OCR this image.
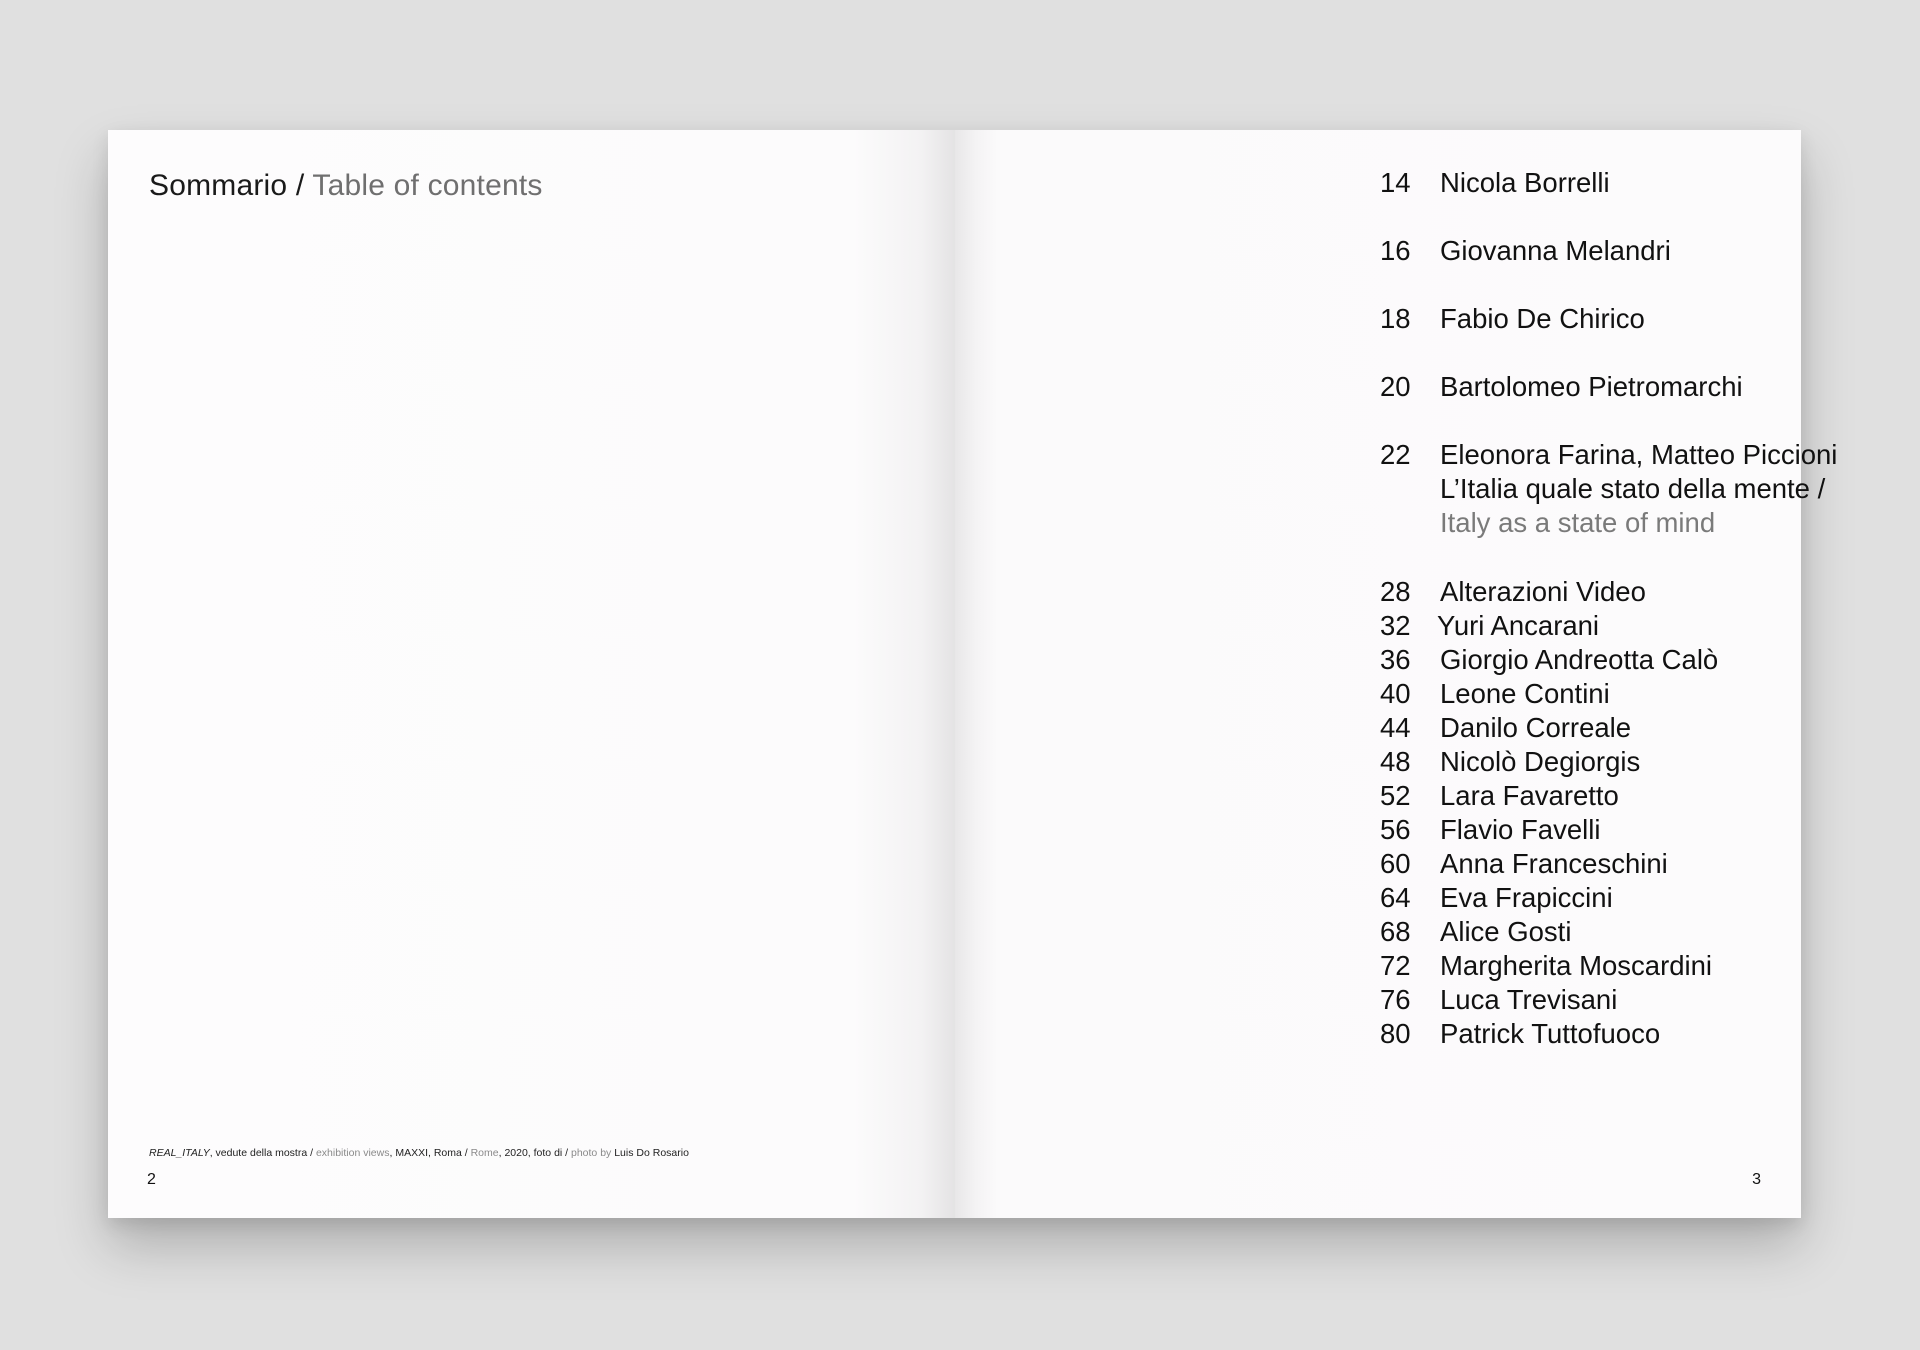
Sommario / Table of contents
REAL_ITALY, vedute della mostra / exhibition views, MAXXI, Roma / Rome, 2020, foto di / photo by Luis Do Rosario
2
14 Nicola Borrelli
16 Giovanna Melandri
18 Fabio De Chirico
20 Bartolomeo Pietromarchi
22 Eleonora Farina, Matteo Piccioni
L’Italia quale stato della mente /
Italy as a state of mind
28 Alterazioni Video
32 Yuri Ancarani
36 Giorgio Andreotta Calò
40 Leone Contini
44 Danilo Correale
48 Nicolò Degiorgis
52 Lara Favaretto
56 Flavio Favelli
60 Anna Franceschini
64 Eva Frapiccini
68 Alice Gosti
72 Margherita Moscardini
76 Luca Trevisani
80 Patrick Tuttofuoco
3
